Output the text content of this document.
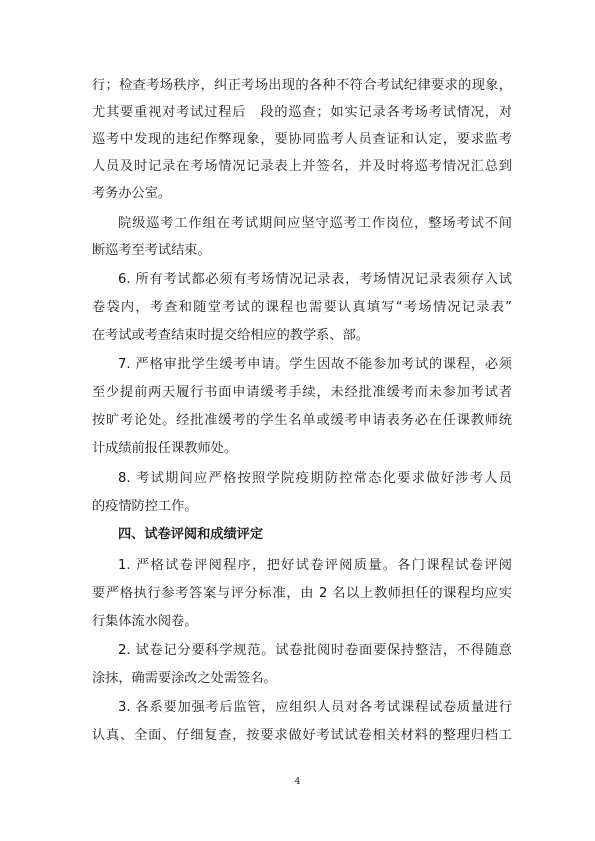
行；检查考场秩序，纠正考场出现的各种不符合考试纪律要求的现象，
尤其要重视对考试过程后　段的巡查；如实记录各考场考试情况，对
巡考中发现的违纪作弊现象，要协同监考人员查证和认定，要求监考
人员及时记录在考场情况记录表上并签名，并及时将巡考情况汇总到
考务办公室。
院级巡考工作组在考试期间应坚守巡考工作岗位，整场考试不间
断巡考至考试结束。
6. 所有考试都必须有考场情况记录表，考场情况记录表须存入试
卷袋内，考查和随堂考试的课程也需要认真填写“考场情况记录表”
在考试或考查结束时提交给相应的教学系、部。
7. 严格审批学生缓考申请。学生因故不能参加考试的课程，必须
至少提前两天履行书面申请缓考手续，未经批准缓考而未参加考试者
按旷考论处。经批准缓考的学生名单或缓考申请表务必在任课教师统
计成绩前报任课教师处。
8. 考试期间应严格按照学院疫期防控常态化要求做好涉考人员
的疫情防控工作。
四、试卷评阅和成绩评定
1. 严格试卷评阅程序，把好试卷评阅质量。各门课程试卷评阅
要严格执行参考答案与评分标准，由 2 名以上教师担任的课程均应实
行集体流水阅卷。
2. 试卷记分要科学规范。试卷批阅时卷面要保持整洁，不得随意
涂抹，确需要涂改之处需签名。
3. 各系要加强考后监管，应组织人员对各考试课程试卷质量进行
认真、全面、仔细复查，按要求做好考试试卷相关材料的整理归档工
4
